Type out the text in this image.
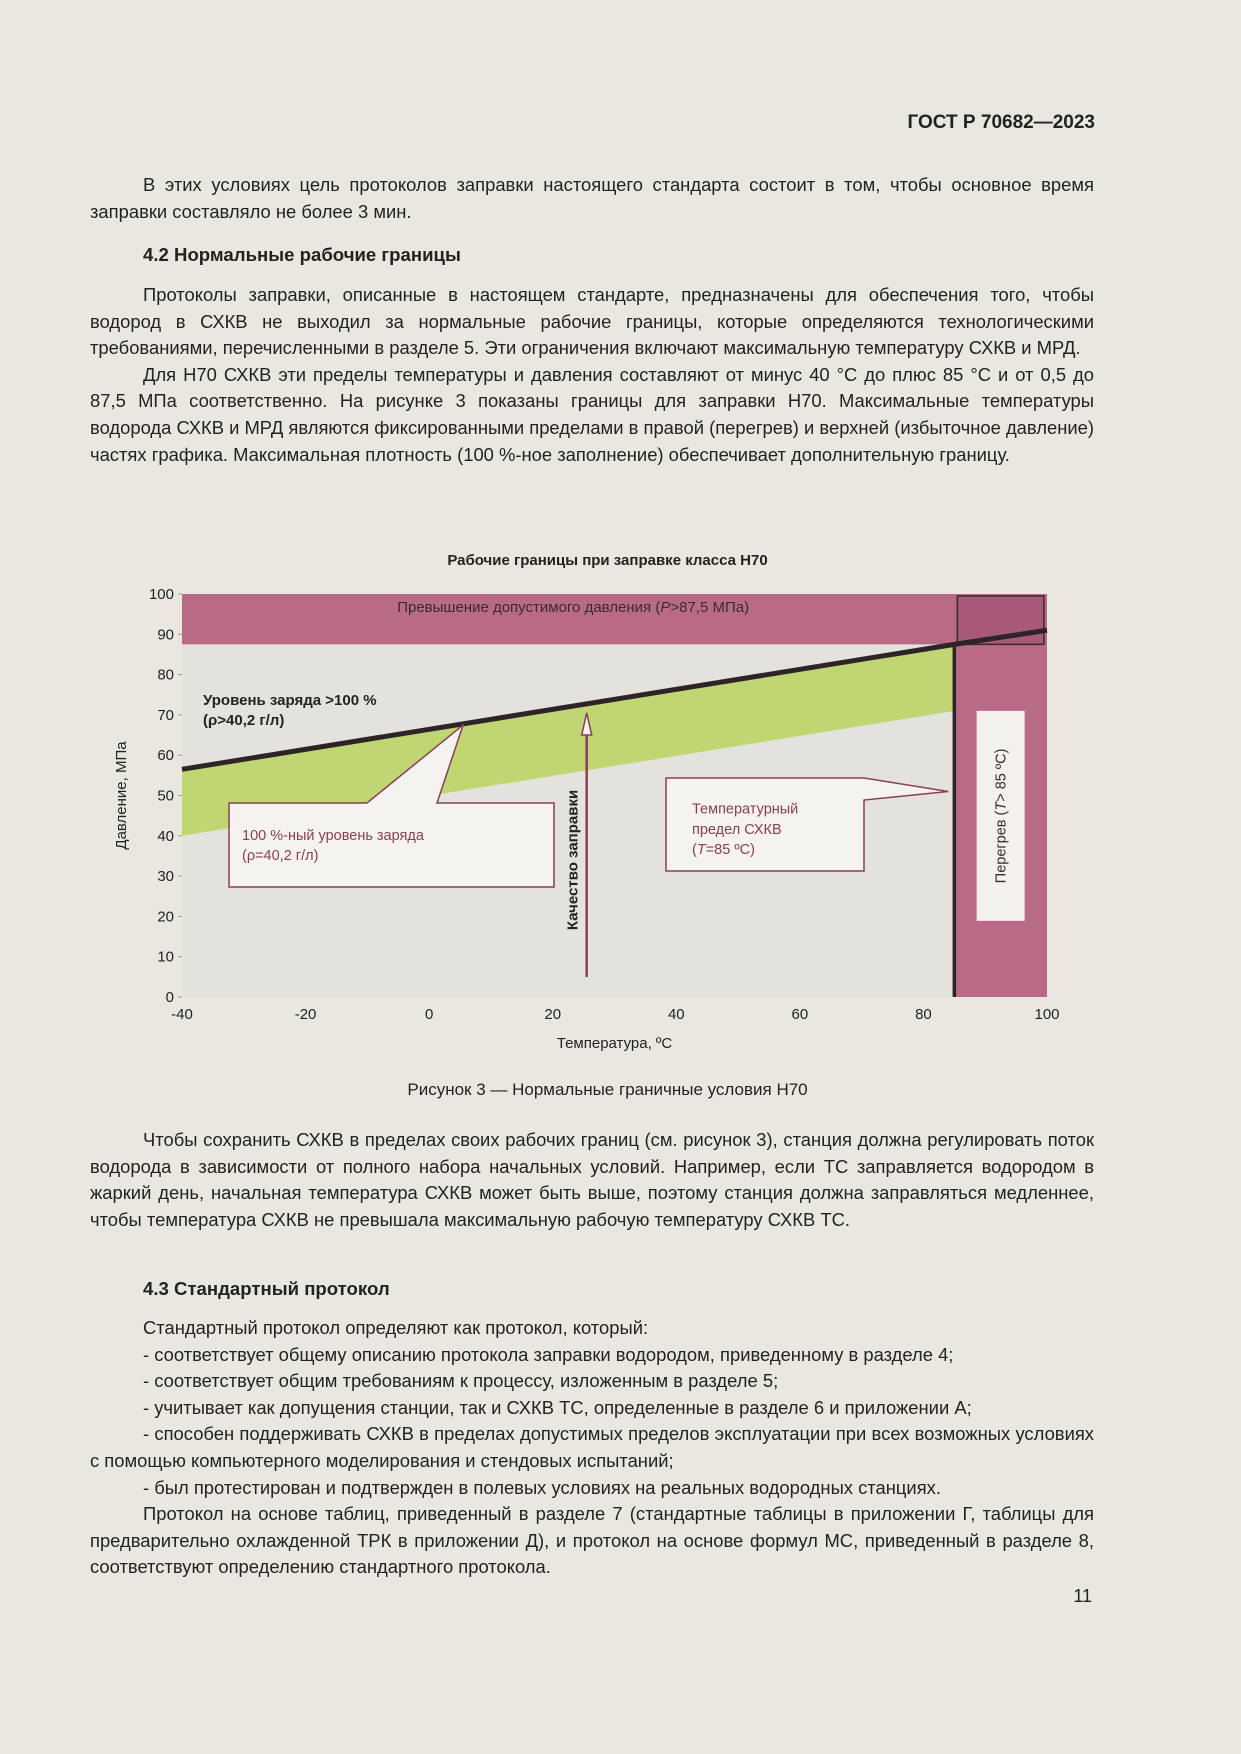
ГОСТ Р 70682—2023

В этих условиях цель протоколов заправки настоящего стандарта состоит в том, чтобы основное время заправки составляло не более 3 мин.

4.2 Нормальные рабочие границы

Протоколы заправки, описанные в настоящем стандарте, предназначены для обеспечения того, чтобы водород в СХКВ не выходил за нормальные рабочие границы, которые определяются технологическими требованиями, перечисленными в разделе 5. Эти ограничения включают максимальную температуру СХКВ и МРД.

Для Н70 СХКВ эти пределы температуры и давления составляют от минус 40 °С до плюс 85 °С и от 0,5 до 87,5 МПа соответственно. На рисунке 3 показаны границы для заправки Н70. Максимальные температуры водорода СХКВ и МРД являются фиксированными пределами в правой (перегрев) и верхней (избыточное давление) частях графика. Максимальная плотность (100 %-ное заполнение) обеспечивает дополнительную границу.

Рабочие границы при заправке класса Н70
0
10
20
30
40
50
60
70
80
90
100
-40	-20	0	20	40	60	80	100
Давление, МПа
Температура, ºС
Превышение допустимого давления (P>87,5 МПа)
Перегрев (T> 85 ºС)
Уровень заряда >100 %
(ρ>40,2 г/л)
100 %-ный уровень заряда
(ρ=40,2 г/л)
Температурный
предел СХКВ
(T=85 ºС)
Качество заправки
Рисунок 3 — Нормальные граничные условия Н70

Чтобы сохранить СХКВ в пределах своих рабочих границ (см. рисунок 3), станция должна регулировать поток водорода в зависимости от полного набора начальных условий. Например, если ТС заправляется водородом в жаркий день, начальная температура СХКВ может быть выше, поэтому станция должна заправляться медленнее, чтобы температура СХКВ не превышала максимальную рабочую температуру СХКВ ТС.

4.3 Стандартный протокол

Стандартный протокол определяют как протокол, который:

- соответствует общему описанию протокола заправки водородом, приведенному в разделе 4;

- соответствует общим требованиям к процессу, изложенным в разделе 5;

- учитывает как допущения станции, так и СХКВ ТС, определенные в разделе 6 и приложении А;

- способен поддерживать СХКВ в пределах допустимых пределов эксплуатации при всех возможных условиях с помощью компьютерного моделирования и стендовых испытаний;

- был протестирован и подтвержден в полевых условиях на реальных водородных станциях.

Протокол на основе таблиц, приведенный в разделе 7 (стандартные таблицы в приложении Г, таблицы для предварительно охлажденной ТРК в приложении Д), и протокол на основе формул МС, приведенный в разделе 8, соответствуют определению стандартного протокола.

11
